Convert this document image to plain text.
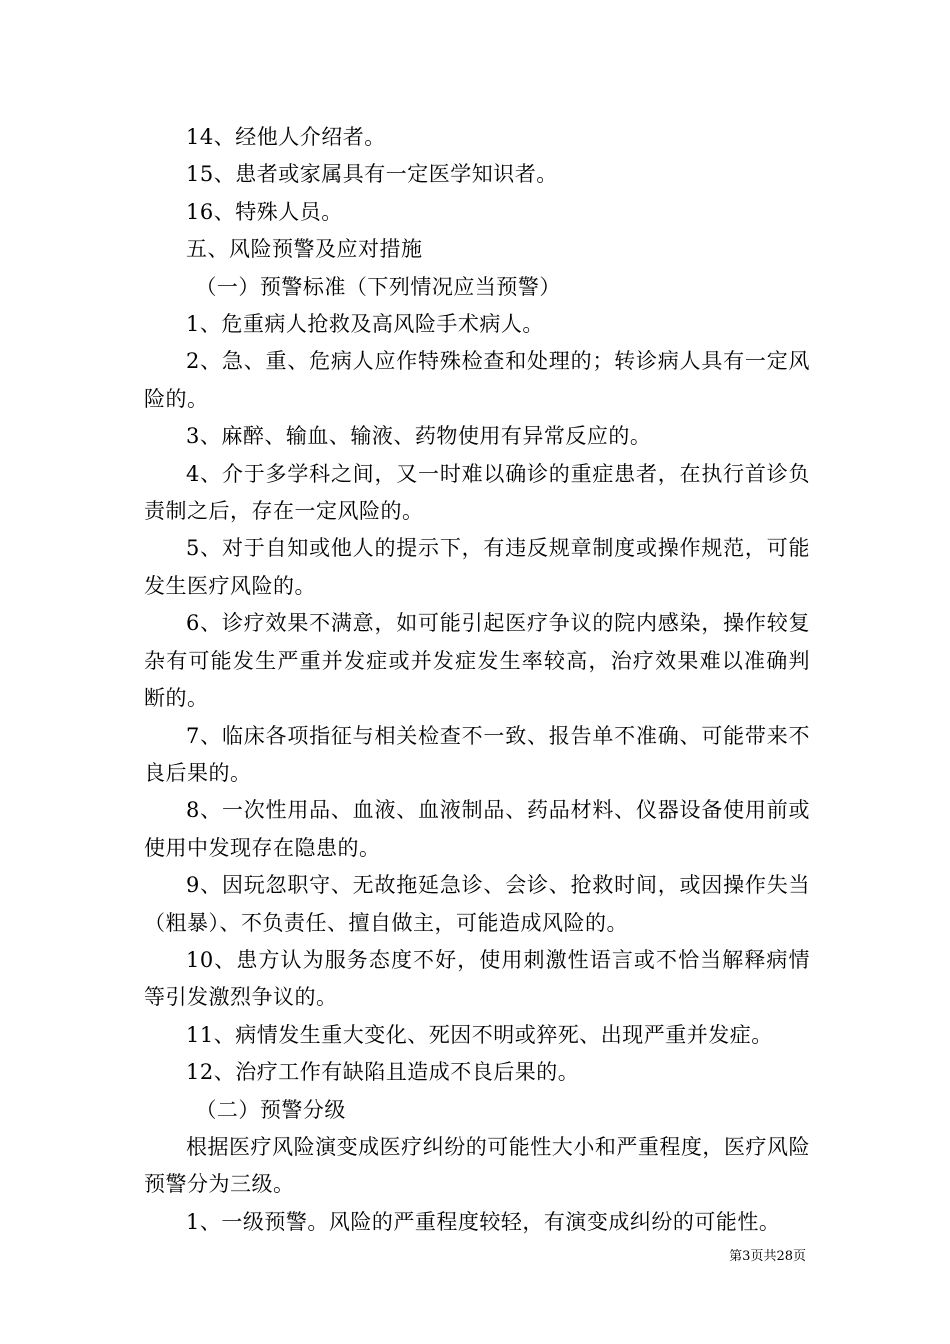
14、经他人介绍者。

15、患者或家属具有一定医学知识者。

16、特殊人员。

五、风险预警及应对措施

（一）预警标准（下列情况应当预警）

1、危重病人抢救及高风险手术病人。

2、急、重、危病人应作特殊检查和处理的；转诊病人具有一定风险的。

3、麻醉、输血、输液、药物使用有异常反应的。

4、介于多学科之间，又一时难以确诊的重症患者，在执行首诊负责制之后，存在一定风险的。

5、对于自知或他人的提示下，有违反规章制度或操作规范，可能发生医疗风险的。

6、诊疗效果不满意，如可能引起医疗争议的院内感染，操作较复杂有可能发生严重并发症或并发症发生率较高，治疗效果难以准确判断的。

7、临床各项指征与相关检查不一致、报告单不准确、可能带来不良后果的。

8、一次性用品、血液、血液制品、药品材料、仪器设备使用前或使用中发现存在隐患的。

9、因玩忽职守、无故拖延急诊、会诊、抢救时间，或因操作失当（粗暴）、不负责任、擅自做主，可能造成风险的。

10、患方认为服务态度不好，使用刺激性语言或不恰当解释病情等引发激烈争议的。

11、病情发生重大变化、死因不明或猝死、出现严重并发症。

12、治疗工作有缺陷且造成不良后果的。

（二）预警分级

根据医疗风险演变成医疗纠纷的可能性大小和严重程度，医疗风险预警分为三级。

1、一级预警。风险的严重程度较轻，有演变成纠纷的可能性。

第3页共28页
